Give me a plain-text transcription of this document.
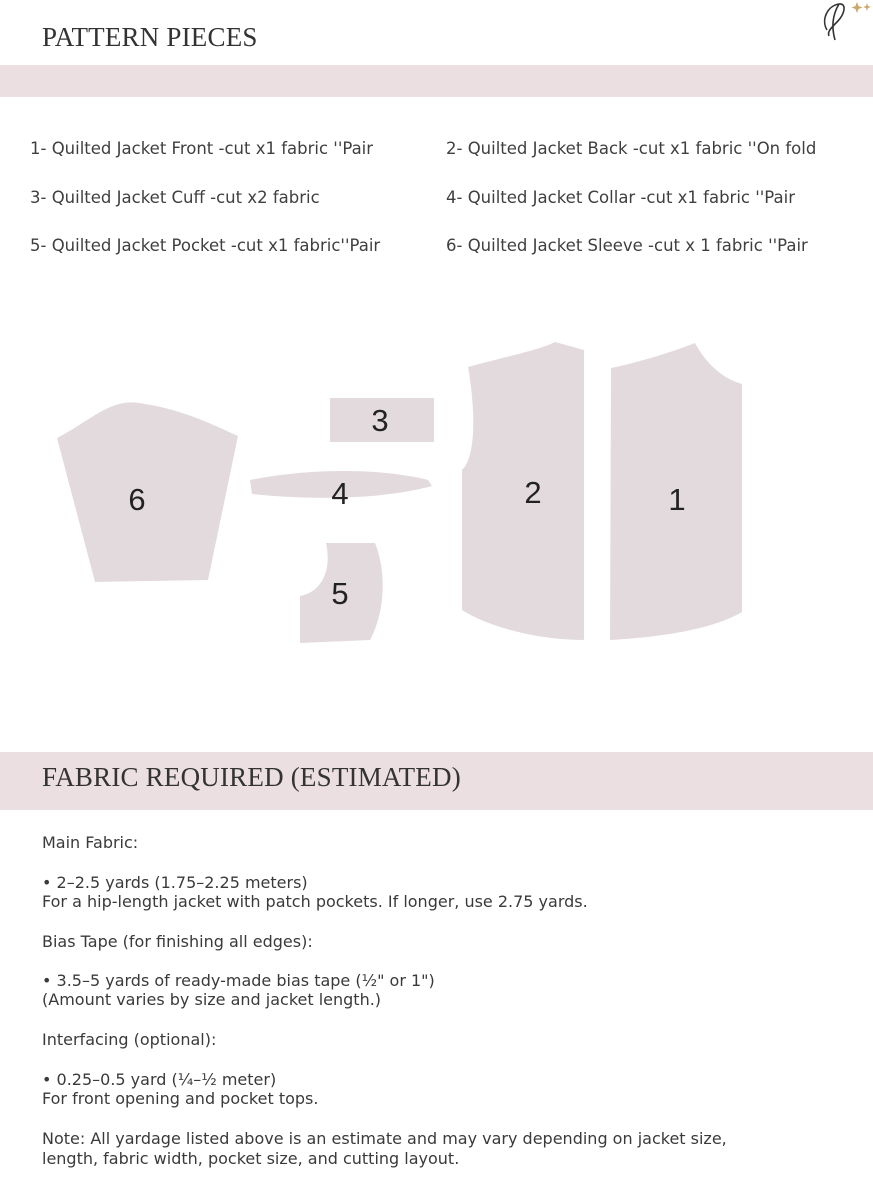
PATTERN PIECES
1- Quilted Jacket Front -cut x1 fabric ''Pair	2- Quilted Jacket Back -cut x1 fabric ''On fold
3- Quilted Jacket Cuff -cut x2 fabric	4- Quilted Jacket Collar -cut x1 fabric ''Pair
5- Quilted Jacket Pocket -cut x1 fabric''Pair	6- Quilted Jacket Sleeve -cut x 1 fabric ''Pair
6	4
3
5
2	1
FABRIC REQUIRED (ESTIMATED)

Main Fabric:

• 2–2.5 yards (1.75–2.25 meters)

For a hip-length jacket with patch pockets. If longer, use 2.75 yards.

Bias Tape (for finishing all edges):

• 3.5–5 yards of ready-made bias tape (½" or 1")

(Amount varies by size and jacket length.)

Interfacing (optional):

• 0.25–0.5 yard (¼–½ meter)

For front opening and pocket tops.

Note: All yardage listed above is an estimate and may vary depending on jacket size,

length, fabric width, pocket size, and cutting layout.
